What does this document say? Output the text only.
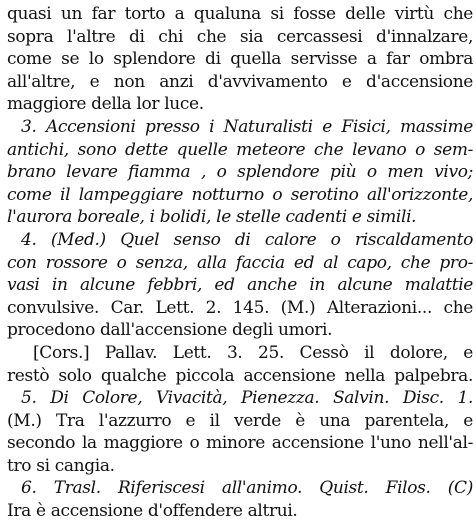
quasi un far torto a qualuna si fosse delle virtù che
sopra l'altre di chi che sia cercassesi d'innalzare,
come se lo splendore di quella servisse a far ombra
all'altre, e non anzi d'avvivamento e d'accensione
maggiore della lor luce.
3. Accensioni presso i Naturalisti e Fisici, massime
antichi, sono dette quelle meteore che levano o sem-
brano levare fiamma , o splendore più o men vivo;
come il lampeggiare notturno o serotino all'orizzonte,
l'aurora boreale, i bolidi, le stelle cadenti e simili.
4. (Med.) Quel senso di calore o riscaldamento
con rossore o senza, alla faccia ed al capo, che pro-
vasi in alcune febbri, ed anche in alcune malattie
convulsive. Car. Lett. 2. 145. (M.) Alterazioni... che
procedono dall'accensione degli umori.
[Cors.] Pallav. Lett. 3. 25. Cessò il dolore, e
restò solo qualche piccola accensione nella palpebra.
5. Di Colore, Vivacità, Pienezza. Salvin. Disc. 1.
(M.) Tra l'azzurro e il verde è una parentela, e
secondo la maggiore o minore accensione l'uno nell'al-
tro si cangia.
6. Trasl. Riferiscesi all'animo. Quist. Filos. (C)
Ira è accensione d'offendere altrui.
